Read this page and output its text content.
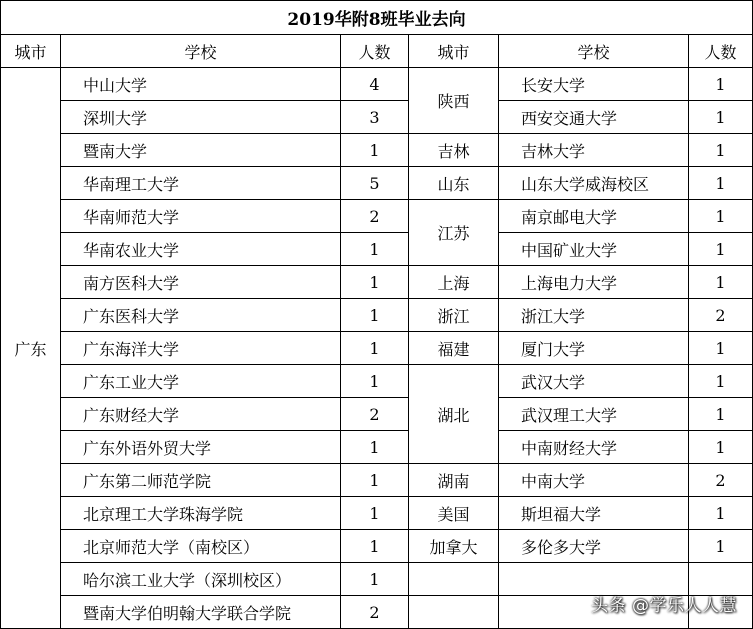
2019华附8班毕业去向					
城市	学校	人数	城市	学校	人数
广东	中山大学	4	陕西	长安大学	1
	深圳大学	3		西安交通大学	1
	暨南大学	1	吉林	吉林大学	1
	华南理工大学	5	山东	山东大学威海校区	1
	华南师范大学	2	江苏	南京邮电大学	1
	华南农业大学	1		中国矿业大学	1
	南方医科大学	1	上海	上海电力大学	1
	广东医科大学	1	浙江	浙江大学	2
	广东海洋大学	1	福建	厦门大学	1
	广东工业大学	1	湖北	武汉大学	1
	广东财经大学	2		武汉理工大学	1
	广东外语外贸大学	1		中南财经大学	1
	广东第二师范学院	1	湖南	中南大学	2
	北京理工大学珠海学院	1	美国	斯坦福大学	1
	北京师范大学（南校区）	1	加拿大	多伦多大学	1
	哈尔滨工业大学（深圳校区）	1			
	暨南大学伯明翰大学联合学院	2				头条 @学乐人人慧
